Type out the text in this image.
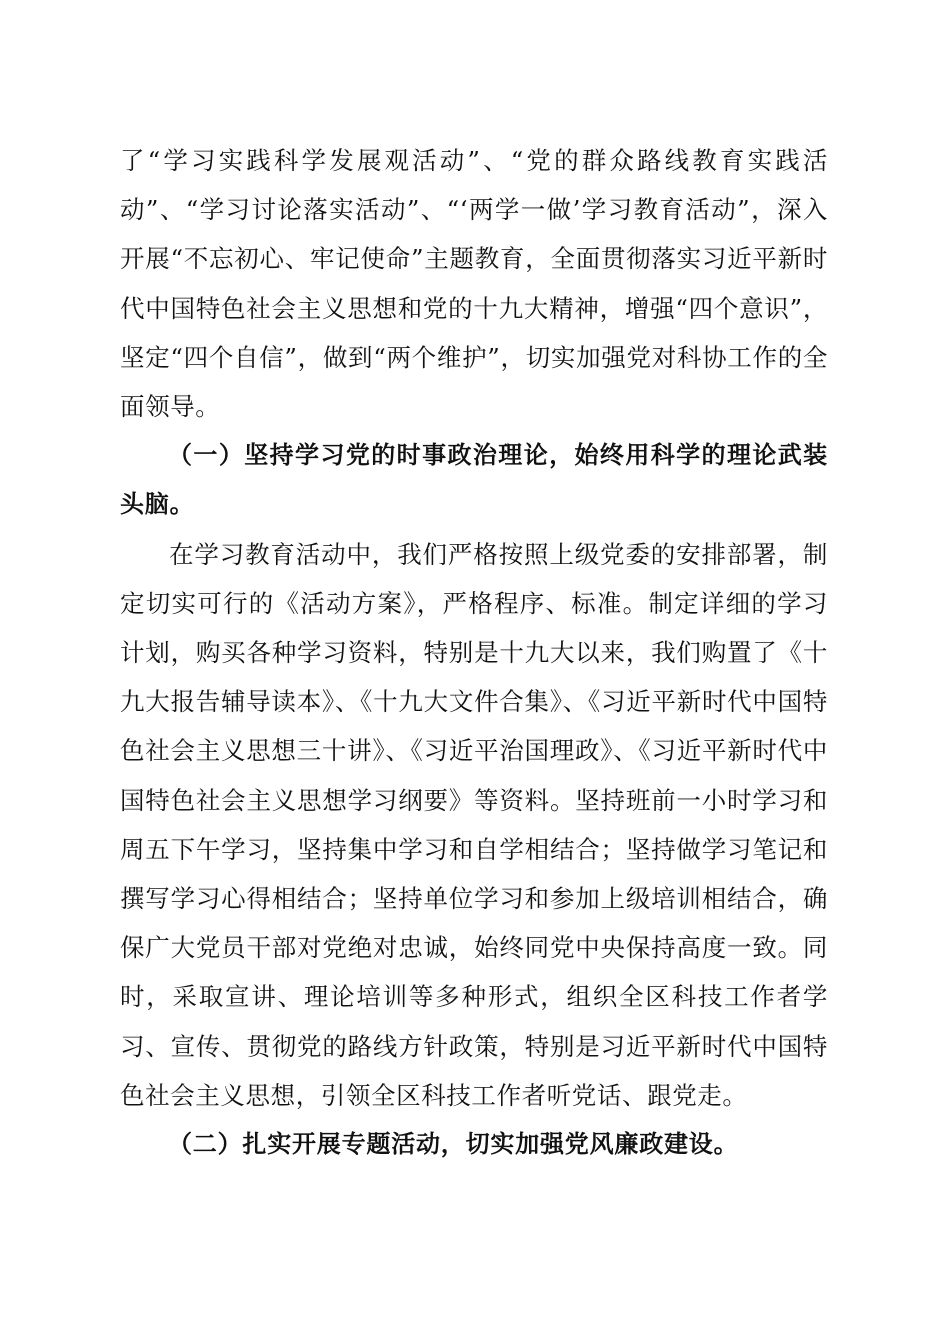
了“学习实践科学发展观活动”、“党的群众路线教育实践活动”、“学习讨论落实活动”、“‘两学一做’学习教育活动”，深入开展“不忘初心、牢记使命”主题教育，全面贯彻落实习近平新时代中国特色社会主义思想和党的十九大精神，增强“四个意识”，坚定“四个自信”，做到“两个维护”，切实加强党对科协工作的全面领导。

（一）坚持学习党的时事政治理论，始终用科学的理论武装头脑。

在学习教育活动中，我们严格按照上级党委的安排部署，制定切实可行的《活动方案》，严格程序、标准。制定详细的学习计划，购买各种学习资料，特别是十九大以来，我们购置了《十九大报告辅导读本》、《十九大文件合集》、《习近平新时代中国特色社会主义思想三十讲》、《习近平治国理政》、《习近平新时代中国特色社会主义思想学习纲要》等资料。坚持班前一小时学习和周五下午学习，坚持集中学习和自学相结合；坚持做学习笔记和撰写学习心得相结合；坚持单位学习和参加上级培训相结合，确保广大党员干部对党绝对忠诚，始终同党中央保持高度一致。同时，采取宣讲、理论培训等多种形式，组织全区科技工作者学习、宣传、贯彻党的路线方针政策，特别是习近平新时代中国特色社会主义思想，引领全区科技工作者听党话、跟党走。

（二）扎实开展专题活动，切实加强党风廉政建设。
